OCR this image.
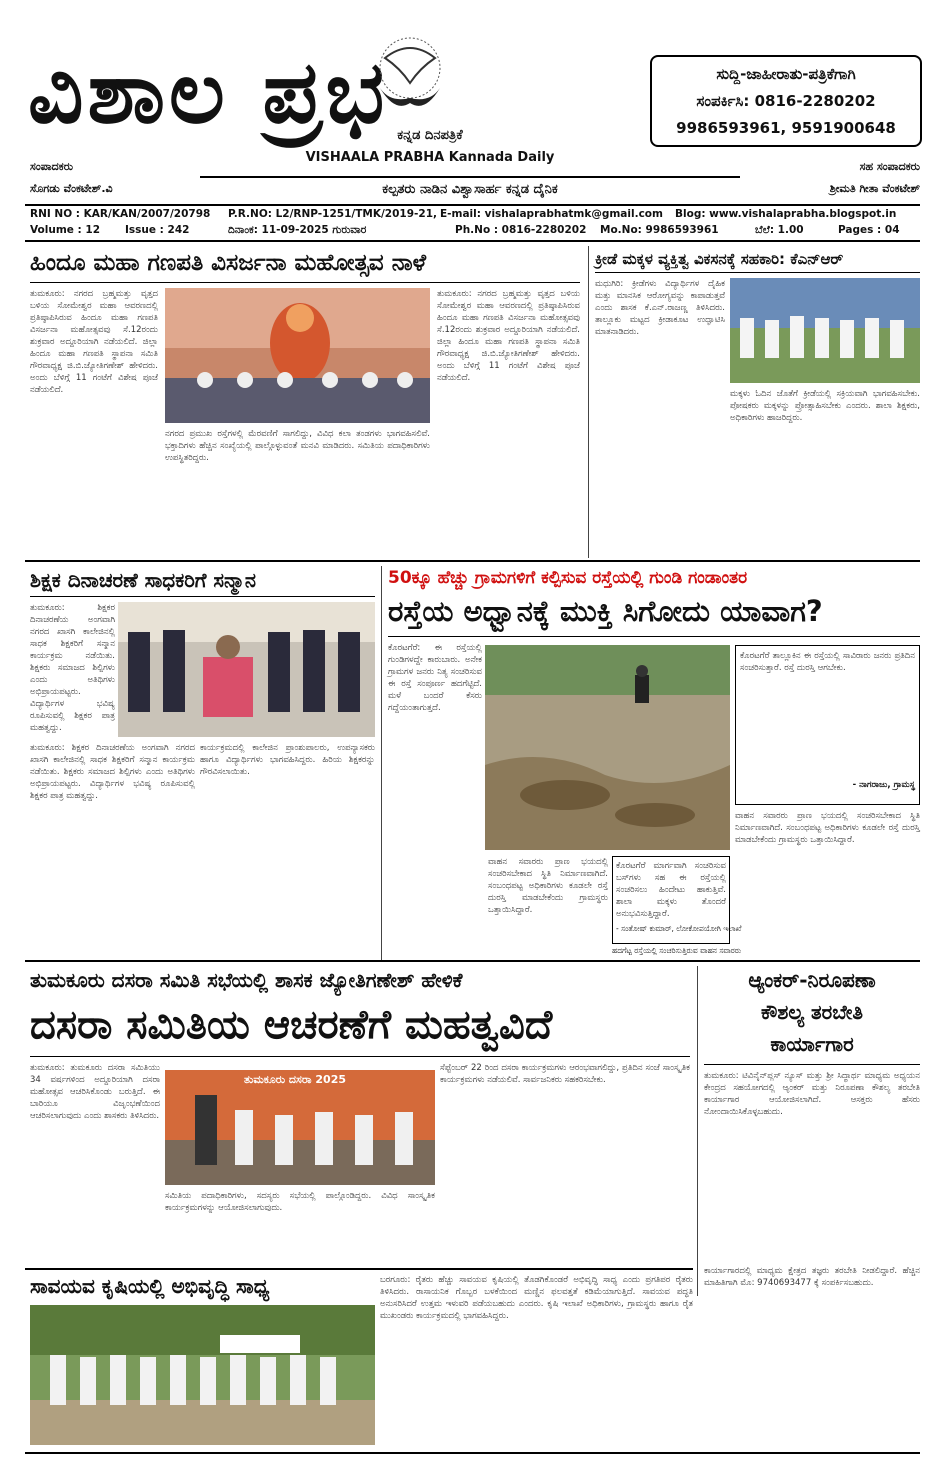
ವಿಶಾಲ ಪ್ರಭ ಕನ್ನಡ ದಿನಪತ್ರಿಕೆ
VISHAALA PRABHA Kannada Daily
ಸುದ್ದಿ-ಜಾಹೀರಾತು-ಪತ್ರಿಕೆಗಾಗಿ
ಸಂಪರ್ಕಿಸಿ: 0816-2280202
9986593961, 9591900648
ಸಂಪಾದಕರು
ಸೊಗಡು ವೆಂಕಟೇಶ್.ವಿ
ಸಹ ಸಂಪಾದಕರು
ಶ್ರೀಮತಿ ಗೀತಾ ವೆಂಕಟೇಶ್
ಕಲ್ಪತರು ನಾಡಿನ ವಿಶ್ವಾಸಾರ್ಹ ಕನ್ನಡ ದೈನಿಕ
RNI NO : KAR/KAN/2007/20798 P.R.NO: L2/RNP-1251/TMK/2019-21, E-mail: vishalaprabhatmk@gmail.com Blog: www.vishalaprabha.blogspot.in
Volume : 12 Issue : 242	ದಿನಾಂಕ: 11-09-2025 ಗುರುವಾರ	Ph.No : 0816-2280202 Mo.No: 9986593961	ಬೆಲೆ: 1.00	Pages : 04
ಹಿಂದೂ ಮಹಾ ಗಣಪತಿ ವಿಸರ್ಜನಾ ಮಹೋತ್ಸವ ನಾಳೆ
ತುಮಕೂರು: ನಗರದ ಬ್ರಹ್ಮಮತ್ತು ವೃತ್ತದ ಬಳಿಯ ಸೋಮೇಶ್ವರ ಮಹಾ ಆವರಣದಲ್ಲಿ ಪ್ರತಿಷ್ಠಾಪಿಸಿರುವ ಹಿಂದೂ ಮಹಾ ಗಣಪತಿ ವಿಸರ್ಜನಾ ಮಹೋತ್ಸವವು ಸೆ.12ರಂದು ಶುಕ್ರವಾರ ಅದ್ದೂರಿಯಾಗಿ ನಡೆಯಲಿದೆ. ಜಿಲ್ಲಾ ಹಿಂದೂ ಮಹಾ ಗಣಪತಿ ಸ್ಥಾಪನಾ ಸಮಿತಿ ಗೌರವಾಧ್ಯಕ್ಷ ಜಿ.ಬಿ.ಜ್ಯೋತಿಗಣೇಶ್ ಹೇಳಿದರು. ಅಂದು ಬೆಳಿಗ್ಗೆ 11 ಗಂಟೆಗೆ ವಿಶೇಷ ಪೂಜೆ ನಡೆಯಲಿದೆ.
ನಗರದ ಪ್ರಮುಖ ರಸ್ತೆಗಳಲ್ಲಿ ಮೆರವಣಿಗೆ ಸಾಗಲಿದ್ದು, ವಿವಿಧ ಕಲಾ ತಂಡಗಳು ಭಾಗವಹಿಸಲಿವೆ. ಭಕ್ತಾದಿಗಳು ಹೆಚ್ಚಿನ ಸಂಖ್ಯೆಯಲ್ಲಿ ಪಾಲ್ಗೊಳ್ಳುವಂತೆ ಮನವಿ ಮಾಡಿದರು. ಸಮಿತಿಯ ಪದಾಧಿಕಾರಿಗಳು ಉಪಸ್ಥಿತರಿದ್ದರು.
ತುಮಕೂರು: ನಗರದ ಬ್ರಹ್ಮಮತ್ತು ವೃತ್ತದ ಬಳಿಯ ಸೋಮೇಶ್ವರ ಮಹಾ ಆವರಣದಲ್ಲಿ ಪ್ರತಿಷ್ಠಾಪಿಸಿರುವ ಹಿಂದೂ ಮಹಾ ಗಣಪತಿ ವಿಸರ್ಜನಾ ಮಹೋತ್ಸವವು ಸೆ.12ರಂದು ಶುಕ್ರವಾರ ಅದ್ದೂರಿಯಾಗಿ ನಡೆಯಲಿದೆ. ಜಿಲ್ಲಾ ಹಿಂದೂ ಮಹಾ ಗಣಪತಿ ಸ್ಥಾಪನಾ ಸಮಿತಿ ಗೌರವಾಧ್ಯಕ್ಷ ಜಿ.ಬಿ.ಜ್ಯೋತಿಗಣೇಶ್ ಹೇಳಿದರು. ಅಂದು ಬೆಳಿಗ್ಗೆ 11 ಗಂಟೆಗೆ ವಿಶೇಷ ಪೂಜೆ ನಡೆಯಲಿದೆ.
ಕ್ರೀಡೆ ಮಕ್ಕಳ ವ್ಯಕ್ತಿತ್ವ ವಿಕಸನಕ್ಕೆ ಸಹಕಾರಿ: ಕೆಎನ್‌ಆರ್
ಮಧುಗಿರಿ: ಕ್ರೀಡೆಗಳು ವಿದ್ಯಾರ್ಥಿಗಳ ದೈಹಿಕ ಮತ್ತು ಮಾನಸಿಕ ಆರೋಗ್ಯವನ್ನು ಕಾಪಾಡುತ್ತವೆ ಎಂದು ಶಾಸಕ ಕೆ.ಎನ್.ರಾಜಣ್ಣ ತಿಳಿಸಿದರು. ತಾಲ್ಲೂಕು ಮಟ್ಟದ ಕ್ರೀಡಾಕೂಟ ಉದ್ಘಾಟಿಸಿ ಮಾತನಾಡಿದರು.
ಮಕ್ಕಳು ಓದಿನ ಜೊತೆಗೆ ಕ್ರೀಡೆಯಲ್ಲಿ ಸಕ್ರಿಯವಾಗಿ ಭಾಗವಹಿಸಬೇಕು. ಪೋಷಕರು ಮಕ್ಕಳನ್ನು ಪ್ರೋತ್ಸಾಹಿಸಬೇಕು ಎಂದರು. ಶಾಲಾ ಶಿಕ್ಷಕರು, ಅಧಿಕಾರಿಗಳು ಹಾಜರಿದ್ದರು.
ಶಿಕ್ಷಕ ದಿನಾಚರಣೆ ಸಾಧಕರಿಗೆ ಸನ್ಮಾನ
ತುಮಕೂರು: ಶಿಕ್ಷಕರ ದಿನಾಚರಣೆಯ ಅಂಗವಾಗಿ ನಗರದ ಖಾಸಗಿ ಕಾಲೇಜಿನಲ್ಲಿ ಸಾಧಕ ಶಿಕ್ಷಕರಿಗೆ ಸನ್ಮಾನ ಕಾರ್ಯಕ್ರಮ ನಡೆಯಿತು. ಶಿಕ್ಷಕರು ಸಮಾಜದ ಶಿಲ್ಪಿಗಳು ಎಂದು ಅತಿಥಿಗಳು ಅಭಿಪ್ರಾಯಪಟ್ಟರು. ವಿದ್ಯಾರ್ಥಿಗಳ ಭವಿಷ್ಯ ರೂಪಿಸುವಲ್ಲಿ ಶಿಕ್ಷಕರ ಪಾತ್ರ ಮಹತ್ವದ್ದು.
ತುಮಕೂರು: ಶಿಕ್ಷಕರ ದಿನಾಚರಣೆಯ ಅಂಗವಾಗಿ ನಗರದ ಖಾಸಗಿ ಕಾಲೇಜಿನಲ್ಲಿ ಸಾಧಕ ಶಿಕ್ಷಕರಿಗೆ ಸನ್ಮಾನ ಕಾರ್ಯಕ್ರಮ ನಡೆಯಿತು. ಶಿಕ್ಷಕರು ಸಮಾಜದ ಶಿಲ್ಪಿಗಳು ಎಂದು ಅತಿಥಿಗಳು ಅಭಿಪ್ರಾಯಪಟ್ಟರು. ವಿದ್ಯಾರ್ಥಿಗಳ ಭವಿಷ್ಯ ರೂಪಿಸುವಲ್ಲಿ ಶಿಕ್ಷಕರ ಪಾತ್ರ ಮಹತ್ವದ್ದು.
ಕಾರ್ಯಕ್ರಮದಲ್ಲಿ ಕಾಲೇಜಿನ ಪ್ರಾಂಶುಪಾಲರು, ಉಪನ್ಯಾಸಕರು ಹಾಗೂ ವಿದ್ಯಾರ್ಥಿಗಳು ಭಾಗವಹಿಸಿದ್ದರು. ಹಿರಿಯ ಶಿಕ್ಷಕರನ್ನು ಗೌರವಿಸಲಾಯಿತು.
50ಕ್ಕೂ ಹೆಚ್ಚು ಗ್ರಾಮಗಳಿಗೆ ಕಲ್ಪಿಸುವ ರಸ್ತೆಯಲ್ಲಿ ಗುಂಡಿ ಗಂಡಾಂತರ
ರಸ್ತೆಯ ಅಧ್ವಾನಕ್ಕೆ ಮುಕ್ತಿ ಸಿಗೋದು ಯಾವಾಗ?
ಕೊರಟಗೆರೆ: ಈ ರಸ್ತೆಯಲ್ಲಿ ಗುಂಡಿಗಳದ್ದೇ ಕಾರುಬಾರು. ಅನೇಕ ಗ್ರಾಮಗಳ ಜನರು ನಿತ್ಯ ಸಂಚರಿಸುವ ಈ ರಸ್ತೆ ಸಂಪೂರ್ಣ ಹದಗೆಟ್ಟಿದೆ. ಮಳೆ ಬಂದರೆ ಕೆಸರು ಗದ್ದೆಯಂತಾಗುತ್ತದೆ.
ಕೊರಟಗೆರೆ ತಾಲ್ಲೂಕಿನ ಈ ರಸ್ತೆಯಲ್ಲಿ ಸಾವಿರಾರು ಜನರು ಪ್ರತಿದಿನ ಸಂಚರಿಸುತ್ತಾರೆ. ರಸ್ತೆ ದುರಸ್ತಿ ಆಗಬೇಕು.
- ನಾಗರಾಜು, ಗ್ರಾಮಸ್ಥ
ವಾಹನ ಸವಾರರು ಪ್ರಾಣ ಭಯದಲ್ಲಿ ಸಂಚರಿಸಬೇಕಾದ ಸ್ಥಿತಿ ನಿರ್ಮಾಣವಾಗಿದೆ. ಸಂಬಂಧಪಟ್ಟ ಅಧಿಕಾರಿಗಳು ಕೂಡಲೇ ರಸ್ತೆ ದುರಸ್ತಿ ಮಾಡಬೇಕೆಂದು ಗ್ರಾಮಸ್ಥರು ಒತ್ತಾಯಿಸಿದ್ದಾರೆ.
ವಾಹನ ಸವಾರರು ಪ್ರಾಣ ಭಯದಲ್ಲಿ ಸಂಚರಿಸಬೇಕಾದ ಸ್ಥಿತಿ ನಿರ್ಮಾಣವಾಗಿದೆ. ಸಂಬಂಧಪಟ್ಟ ಅಧಿಕಾರಿಗಳು ಕೂಡಲೇ ರಸ್ತೆ ದುರಸ್ತಿ ಮಾಡಬೇಕೆಂದು ಗ್ರಾಮಸ್ಥರು ಒತ್ತಾಯಿಸಿದ್ದಾರೆ.
ಕೊರಟಗೆರೆ ಮಾರ್ಗವಾಗಿ ಸಂಚರಿಸುವ ಬಸ್‌ಗಳು ಸಹ ಈ ರಸ್ತೆಯಲ್ಲಿ ಸಂಚರಿಸಲು ಹಿಂದೇಟು ಹಾಕುತ್ತಿವೆ. ಶಾಲಾ ಮಕ್ಕಳು ತೊಂದರೆ ಅನುಭವಿಸುತ್ತಿದ್ದಾರೆ.
- ಸಂತೋಷ್ ಕುಮಾರ್, ಲೋಕೋಪಯೋಗಿ ಇಲಾಖೆ
ಹದಗೆಟ್ಟ ರಸ್ತೆಯಲ್ಲಿ ಸಂಚರಿಸುತ್ತಿರುವ ವಾಹನ ಸವಾರರು
ತುಮಕೂರು ದಸರಾ ಸಮಿತಿ ಸಭೆಯಲ್ಲಿ ಶಾಸಕ ಜ್ಯೋತಿಗಣೇಶ್ ಹೇಳಿಕೆ
ದಸರಾ ಸಮಿತಿಯ ಆಚರಣೆಗೆ ಮಹತ್ವವಿದೆ
ತುಮಕೂರು: ತುಮಕೂರು ದಸರಾ ಸಮಿತಿಯು 34 ವರ್ಷಗಳಿಂದ ಅದ್ದೂರಿಯಾಗಿ ದಸರಾ ಮಹೋತ್ಸವ ಆಚರಿಸಿಕೊಂಡು ಬರುತ್ತಿದೆ. ಈ ಬಾರಿಯೂ ವಿಜೃಂಭಣೆಯಿಂದ ಆಚರಿಸಲಾಗುವುದು ಎಂದು ಶಾಸಕರು ತಿಳಿಸಿದರು.
ತುಮಕೂರು ದಸರಾ 2025
ಸಮಿತಿಯ ಪದಾಧಿಕಾರಿಗಳು, ಸದಸ್ಯರು ಸಭೆಯಲ್ಲಿ ಪಾಲ್ಗೊಂಡಿದ್ದರು. ವಿವಿಧ ಸಾಂಸ್ಕೃತಿಕ ಕಾರ್ಯಕ್ರಮಗಳನ್ನು ಆಯೋಜಿಸಲಾಗುವುದು.
ಸೆಪ್ಟೆಂಬರ್ 22 ರಿಂದ ದಸರಾ ಕಾರ್ಯಕ್ರಮಗಳು ಆರಂಭವಾಗಲಿದ್ದು, ಪ್ರತಿದಿನ ಸಂಜೆ ಸಾಂಸ್ಕೃತಿಕ ಕಾರ್ಯಕ್ರಮಗಳು ನಡೆಯಲಿವೆ. ಸಾರ್ವಜನಿಕರು ಸಹಕರಿಸಬೇಕು.
ಆ್ಯಂಕರ್-ನಿರೂಪಣಾ
ಕೌಶಲ್ಯ ತರಬೇತಿ
ಕಾರ್ಯಾಗಾರ
ತುಮಕೂರು: ಟಿವಿನೈನ್‌ಪ್ಲಸ್ ನ್ಯೂಸ್ ಮತ್ತು ಶ್ರೀ ಸಿದ್ಧಾರ್ಥ ಮಾಧ್ಯಮ ಅಧ್ಯಯನ ಕೇಂದ್ರದ ಸಹಯೋಗದಲ್ಲಿ ಆ್ಯಂಕರ್ ಮತ್ತು ನಿರೂಪಣಾ ಕೌಶಲ್ಯ ತರಬೇತಿ ಕಾರ್ಯಾಗಾರ ಆಯೋಜಿಸಲಾಗಿದೆ. ಆಸಕ್ತರು ಹೆಸರು ನೋಂದಾಯಿಸಿಕೊಳ್ಳಬಹುದು.
ಕಾರ್ಯಾಗಾರದಲ್ಲಿ ಮಾಧ್ಯಮ ಕ್ಷೇತ್ರದ ತಜ್ಞರು ತರಬೇತಿ ನೀಡಲಿದ್ದಾರೆ. ಹೆಚ್ಚಿನ ಮಾಹಿತಿಗಾಗಿ ಮೊ: 9740693477 ಕ್ಕೆ ಸಂಪರ್ಕಿಸಬಹುದು.
ಸಾವಯವ ಕೃಷಿಯಲ್ಲಿ ಅಭಿವೃದ್ಧಿ ಸಾಧ್ಯ	ಬರಗೂರು: ರೈತರು ಹೆಚ್ಚು ಸಾವಯವ ಕೃಷಿಯಲ್ಲಿ ತೊಡಗಿಕೊಂಡರೆ ಅಭಿವೃದ್ಧಿ ಸಾಧ್ಯ ಎಂದು ಪ್ರಗತಿಪರ ರೈತರು ತಿಳಿಸಿದರು. ರಾಸಾಯನಿಕ ಗೊಬ್ಬರ ಬಳಕೆಯಿಂದ ಮಣ್ಣಿನ ಫಲವತ್ತತೆ ಕಡಿಮೆಯಾಗುತ್ತಿದೆ. ಸಾವಯವ ಪದ್ಧತಿ ಅನುಸರಿಸಿದರೆ ಉತ್ತಮ ಇಳುವರಿ ಪಡೆಯಬಹುದು ಎಂದರು. ಕೃಷಿ ಇಲಾಖೆ ಅಧಿಕಾರಿಗಳು, ಗ್ರಾಮಸ್ಥರು ಹಾಗೂ ರೈತ ಮುಖಂಡರು ಕಾರ್ಯಕ್ರಮದಲ್ಲಿ ಭಾಗವಹಿಸಿದ್ದರು.
